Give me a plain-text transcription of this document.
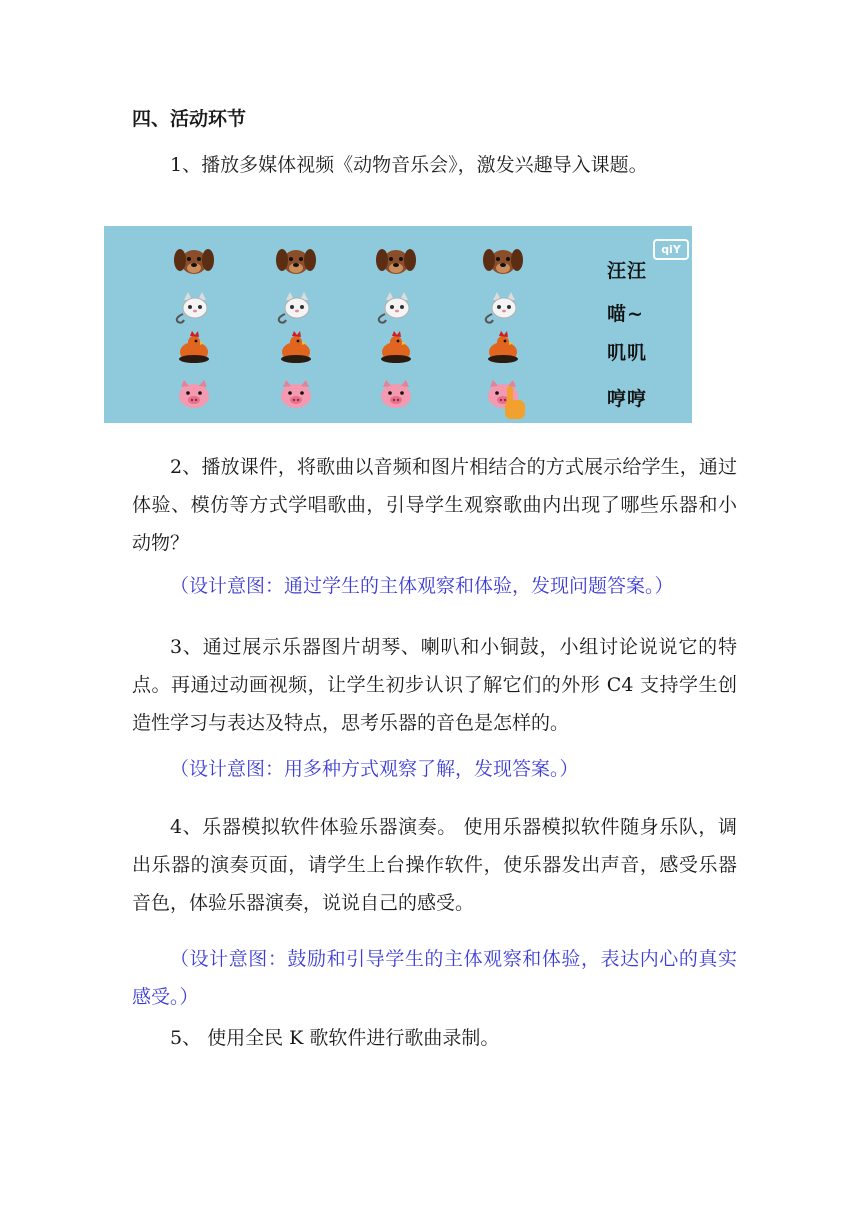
四、活动环节

1、播放多媒体视频《动物音乐会》，激发兴趣导入课题。

qiY
汪汪
喵~
叽叽
哼哼

2、播放课件，将歌曲以音频和图片相结合的方式展示给学生，通过体验、模仿等方式学唱歌曲，引导学生观察歌曲内出现了哪些乐器和小动物？

（设计意图：通过学生的主体观察和体验，发现问题答案。）

3、通过展示乐器图片胡琴、喇叭和小铜鼓，小组讨论说说它的特点。再通过动画视频，让学生初步认识了解它们的外形 C4 支持学生创造性学习与表达及特点，思考乐器的音色是怎样的。

（设计意图：用多种方式观察了解，发现答案。）

4、乐器模拟软件体验乐器演奏。 使用乐器模拟软件随身乐队，调出乐器的演奏页面，请学生上台操作软件，使乐器发出声音，感受乐器音色，体验乐器演奏，说说自己的感受。

（设计意图：鼓励和引导学生的主体观察和体验，表达内心的真实感受。）

5、 使用全民 K 歌软件进行歌曲录制。
